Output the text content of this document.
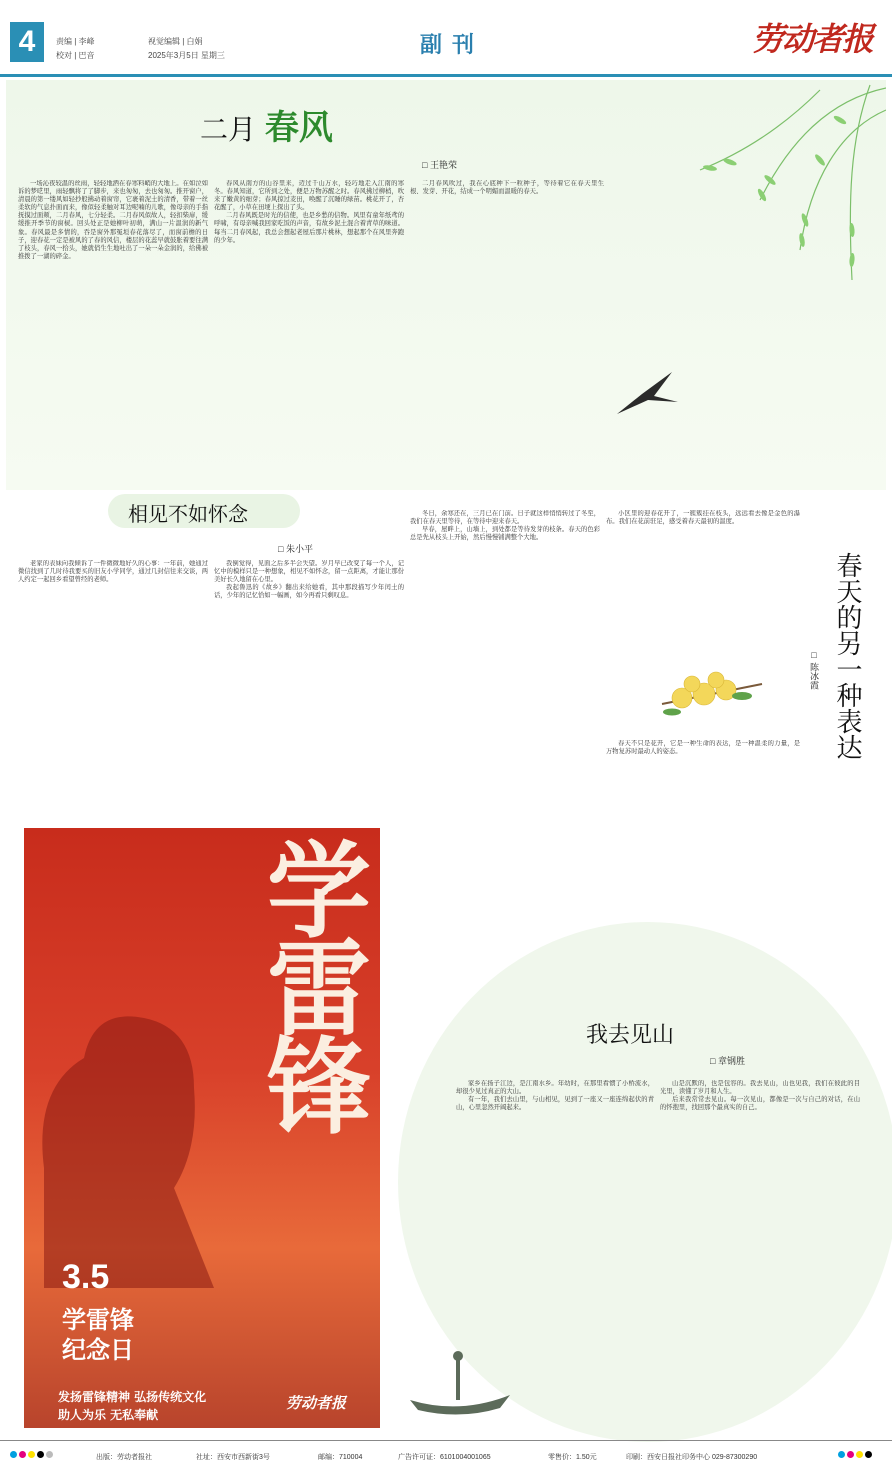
4	责编 | 李峰
校对 | 巴音
视觉编辑 | 白娟
2025年3月5日 星期三	副刊	劳动者报
二月 春风
□ 王艳荣

一场沁夜较温的丝雨，轻轻地洒在春寒料峭的大地上。在如泣如诉的梦呓里，雨轻飘将了了脚步，来也匆匆，去也匆匆。推开窗户，清晨的第一缕风如轻抄般拂动着窗帘，它裹着泥土的清香，带着一丝柔软的气息扑面而来，像似轻柔触对耳边呢喃的儿歌，像母亲的手指抚摸过面颊，二月春风，七分轻柔。二月春风似故人，轻扣柴扉，缓缓推开季节的窗棂。回头处正是她柳叶初萌，满山一片温润的新气象。春风最是多情的，吞是窗外那冤垣春花落尽了，而窗前檐的日子，迎春花一定是被风的了春的风信，楼层的花蕊早就鼓胀着要往满了枝头，春风一拾头，她就俏生生地吐出了一朵一朵金润的，给佛被推拨了一湖的碎金。

春风从南方的山谷里来，迈过千山万水，轻巧地走入江南的寒冬。春风知道，它所到之处，便是万物苏醒之时。春风拂过柳梢，吹来了嫩黄的细芽；春风掠过麦田，唤醒了沉睡的绿苗。桃花开了，杏花醒了，小草在田埂上探出了头。

二月春风既是时光的信使，也是乡愁的信物。风里有童年纸鸢的呼啸，有母亲喊我回家吃饭的声音，有故乡泥土混合着青草的味道。每当二月春风起，我总会想起老屋后那片桃林，想起那个在风里奔跑的少年。

二月春风吹过，我在心底种下一粒种子，等待着它在春天里生根、发芽、开花，结成一个明媚而温暖的春天。

相见不如怀念
□ 朱小平

老家的表妹向我倾诉了一件微微地好久的心事：一年前，她通过微信找到了几时待我要买的旧友小学同学，通过几封信往来交谈，两人约定一起回乡看望曾经的老师。

我倒觉得，见面之后多半会失望。岁月早已改变了每一个人，记忆中的模样只是一种想象，相见不如怀念，留一点距离，才能让那份美好长久地留在心里。

我起鲁迅的《故乡》翻出来给她看，其中那段描写少年闰土的话，少年的记忆恰如一幅画，如今再看只剩叹息。

冬日，余寒还在，三月已在门前。日子就这样悄悄转过了冬至，我们在春天里等待，在等待中迎来春天。

早春，屋畔上，山墙上，到处都是等待发芽的枝条。春天的色彩总是先从枝头上开始，然后慢慢铺满整个大地。

小区里的迎春花开了，一簇簇挂在枝头，远远看去像是金色的瀑布。我们在花前驻足，感受着春天最初的温度。

春天不只是花开，它是一种生命的表达，是一种温柔的力量，是万物复苏时最动人的姿态。	春天的另一种表达
□ 陈冰霞
我去见山
□ 章钢胜

家乡在扬子江边，是江南水乡。年幼时，在那里看惯了小桥流水，却很少见过真正的大山。

有一年，我们去山里，与山相见，见到了一座又一座连绵起伏的青山，心里忽然开阔起来。

山是沉默的，也是包容的。我去见山，山也见我，我们在彼此的目光里，读懂了岁月和人生。

后来我常常去见山。每一次见山，都像是一次与自己的对话，在山的怀抱里，找回那个最真实的自己。

学雷锋
3.5
学雷锋
纪念日
发扬雷锋精神 弘扬传统文化
助人为乐 无私奉献
劳动者报
出版：劳动者报社	社址：西安市西新街3号	邮编：710004	广告许可证：6101004001065	零售价：1.50元	印刷：西安日报社印务中心 029-87300290
